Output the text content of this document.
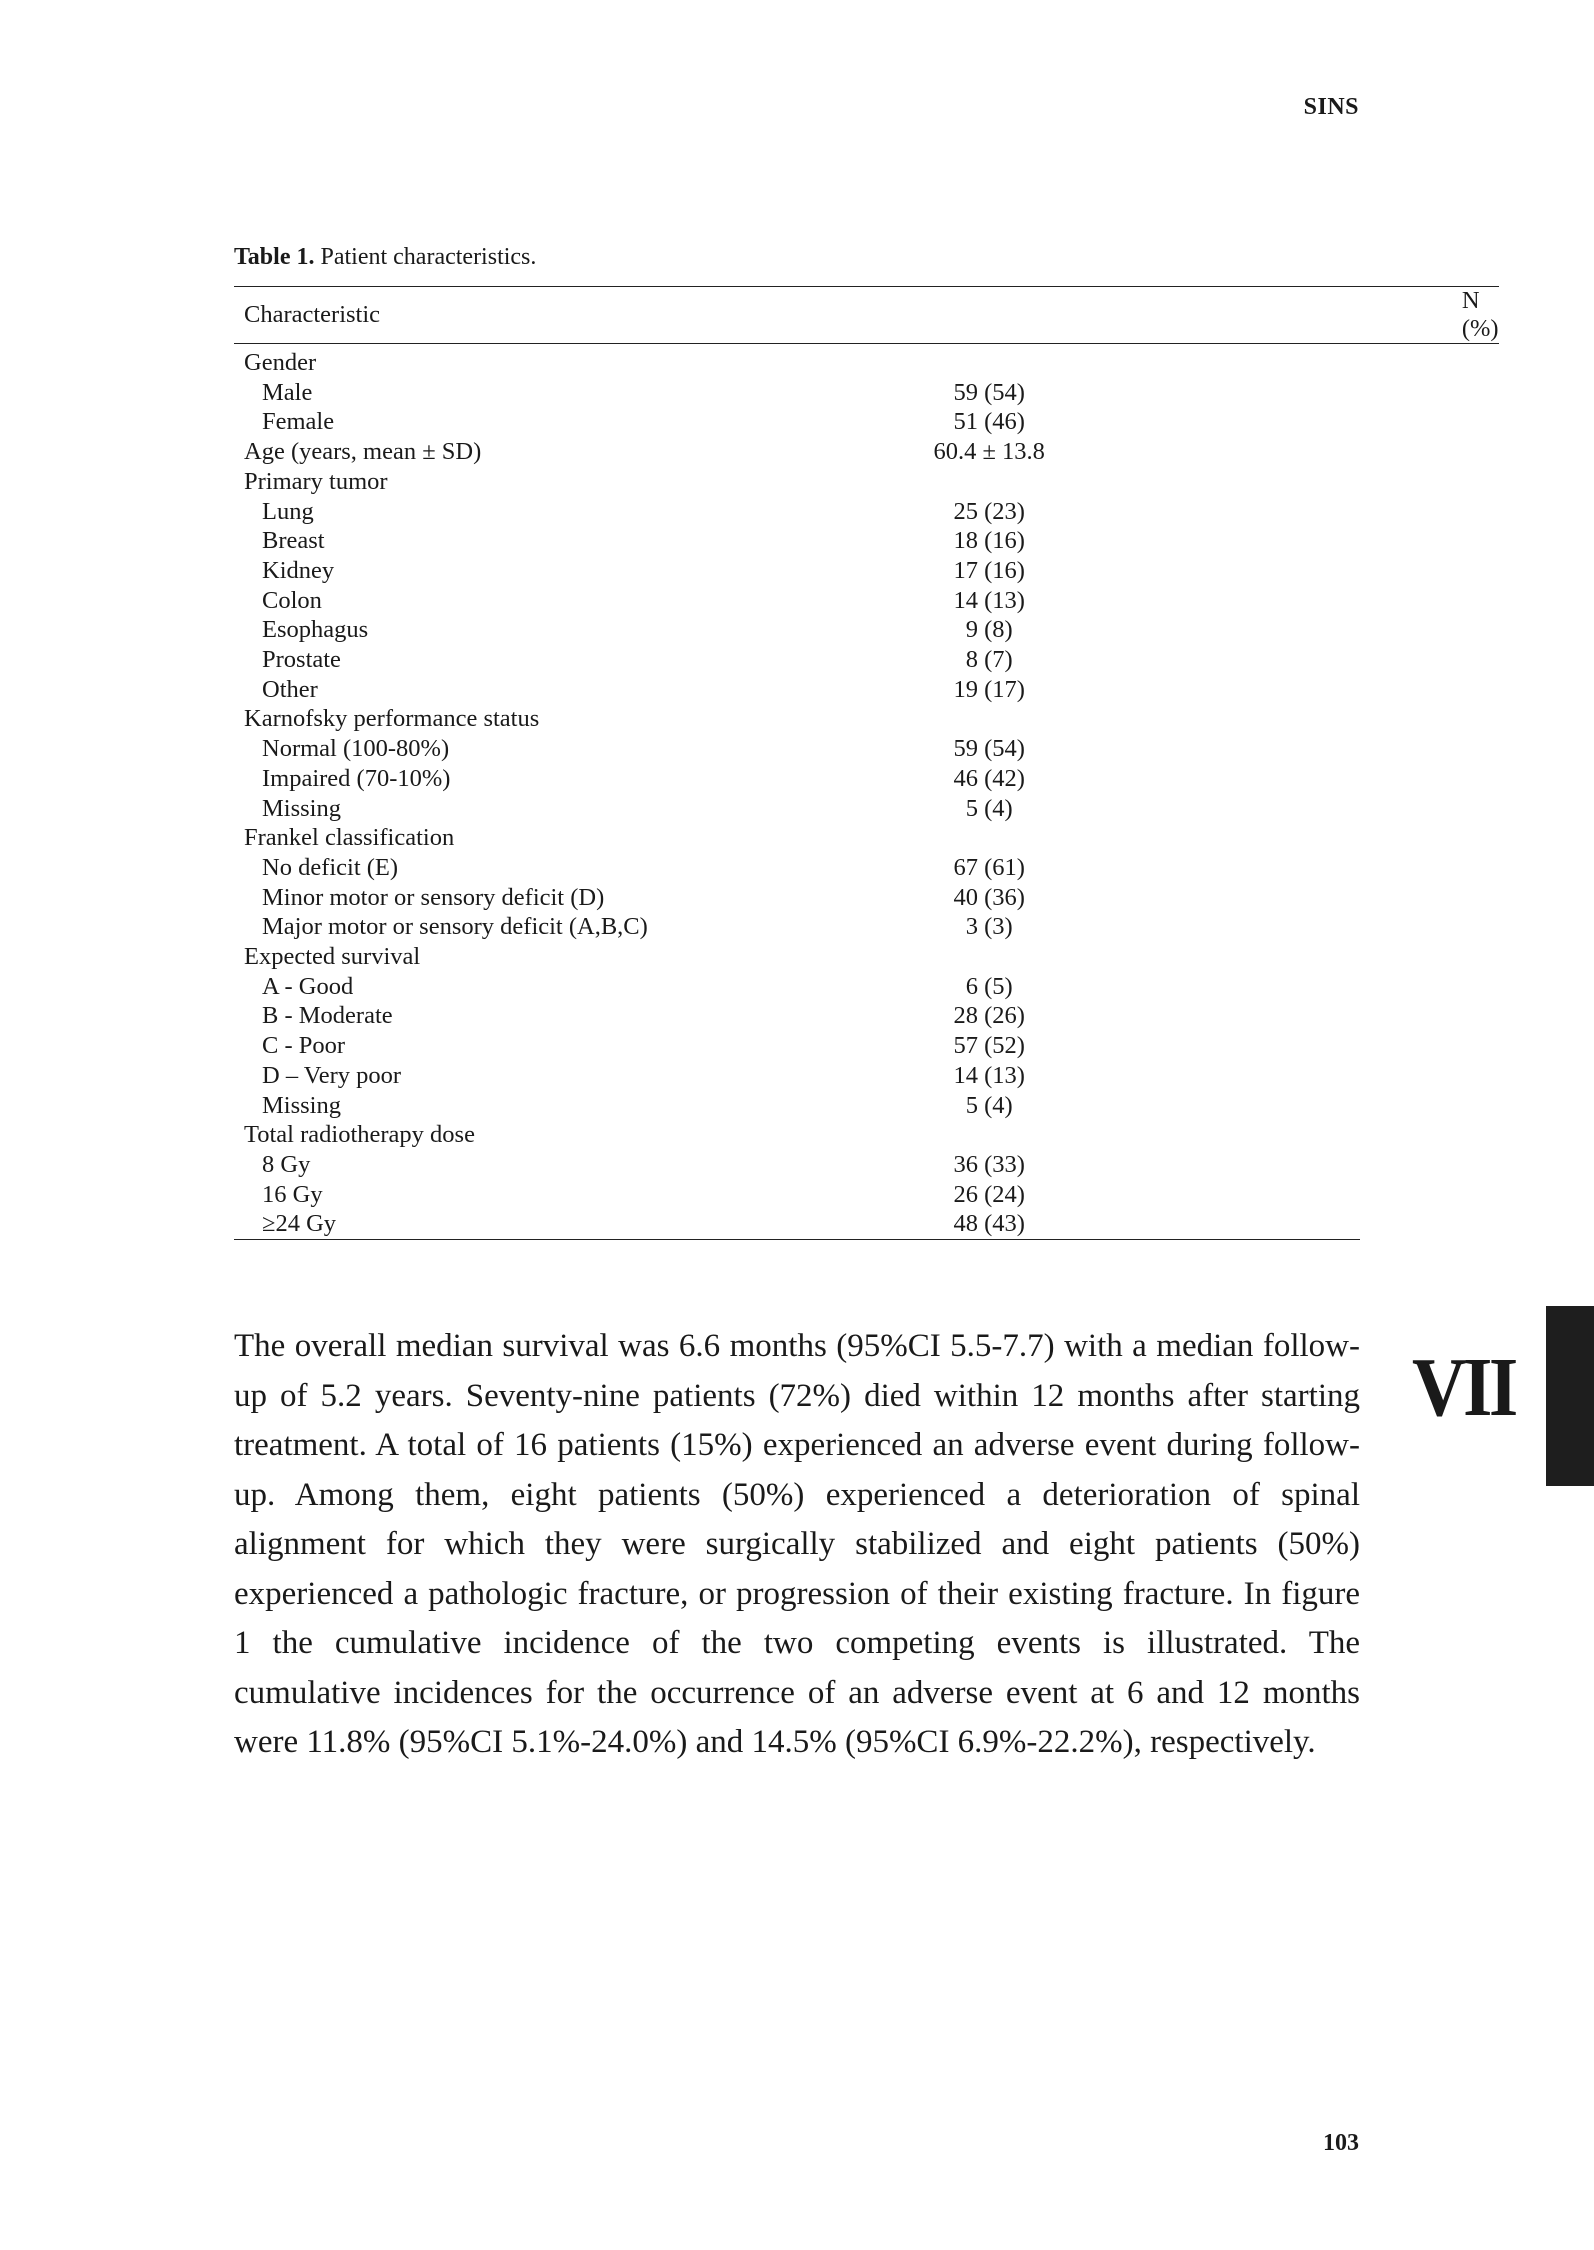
SINS
Table 1. Patient characteristics.
Characteristic	N (%)
Gender	
Male	59 (54)
Female	51 (46)
Age (years, mean ± SD)	60.4 ± 13.8
Primary tumor	
Lung	25 (23)
Breast	18 (16)
Kidney	17 (16)
Colon	14 (13)
Esophagus	9 (8)
Prostate	8 (7)
Other	19 (17)
Karnofsky performance status	
Normal (100-80%)	59 (54)
Impaired (70-10%)	46 (42)
Missing	5 (4)
Frankel classification	
No deficit (E)	67 (61)
Minor motor or sensory deficit (D)	40 (36)
Major motor or sensory deficit (A,B,C)	3 (3)
Expected survival	
A - Good	6 (5)
B - Moderate	28 (26)
C - Poor	57 (52)
D – Very poor	14 (13)
Missing	5 (4)
Total radiotherapy dose	
8 Gy	36 (33)
16 Gy	26 (24)
≥24 Gy	48 (43)
The overall median survival was 6.6 months (95%CI 5.5-7.7) with a median follow-up of 5.2 years. Seventy-nine patients (72%) died within 12 months after starting treatment. A total of 16 patients (15%) experienced an adverse event during follow-up. Among them, eight patients (50%) experienced a deterioration of spinal alignment for which they were surgically stabilized and eight patients (50%) experienced a pathologic fracture, or progression of their existing fracture. In figure 1 the cumulative incidence of the two competing events is illustrated. The cumulative incidences for the occurrence of an adverse event at 6 and 12 months were 11.8% (95%CI 5.1%-24.0%) and 14.5% (95%CI 6.9%-22.2%), respectively.
VII
103
